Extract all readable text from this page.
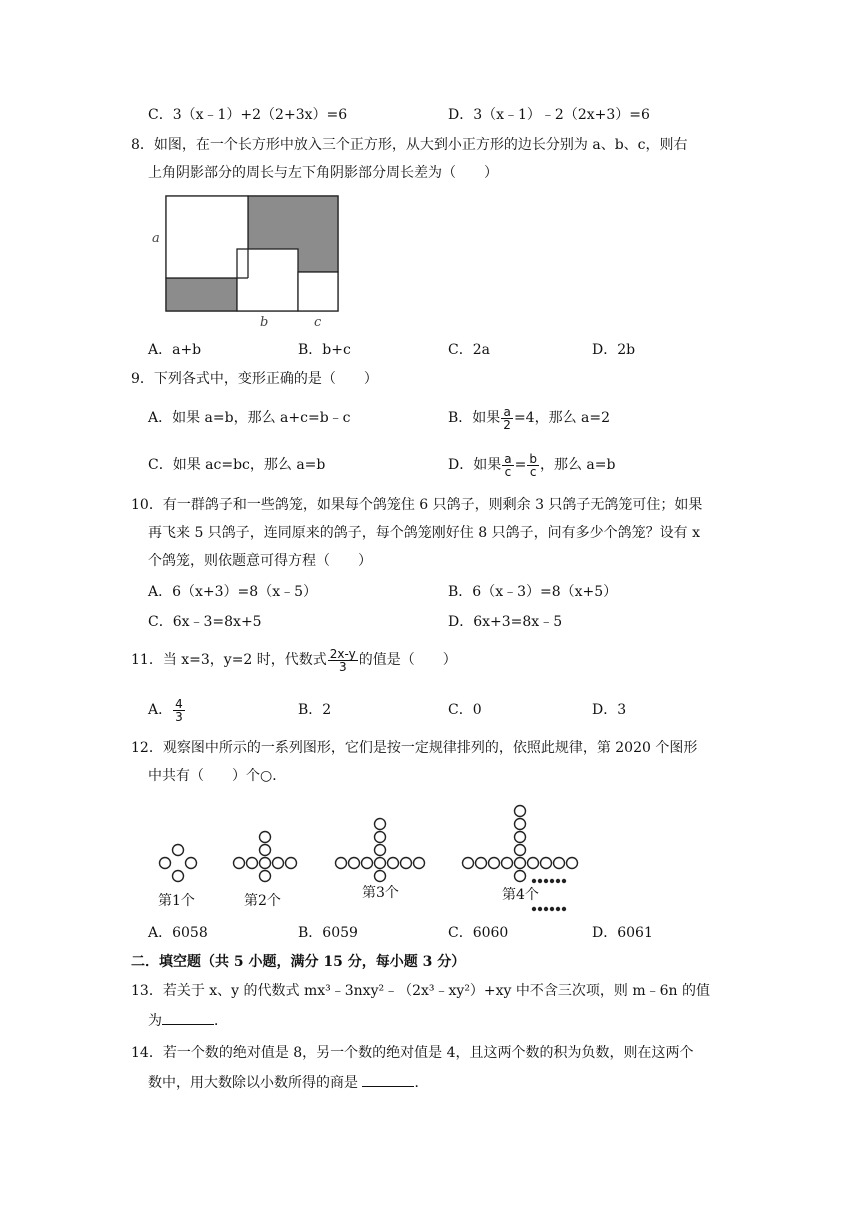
C．3（x﹣1）+2（2+3x）=6	D．3（x﹣1）﹣2（2x+3）=6
8．如图，在一个长方形中放入三个正方形，从大到小正方形的边长分别为 a、b、c，则右
上角阴影部分的周长与左下角阴影部分周长差为（　　）
a
b	c
A．a+b	B．b+c	C．2a	D．2b
9．下列各式中，变形正确的是（　　）
A．如果 a=b，那么 a+c=b﹣c	B．如果 $\frac{a}{2} =4$，那么 a=2
C．如果 ac=bc，那么 a=b	D．如果 $\frac{a}{c} = \frac{b}{c}$ ，那么 a=b
10．有一群鸽子和一些鸽笼，如果每个鸽笼住 6 只鸽子，则剩余 3 只鸽子无鸽笼可住；如果
再飞来 5 只鸽子，连同原来的鸽子，每个鸽笼刚好住 8 只鸽子，问有多少个鸽笼？设有 x
个鸽笼，则依题意可得方程（　　）
A．6（x+3）=8（x﹣5）	B．6（x﹣3）=8（x+5）
C．6x﹣3=8x+5	D．6x+3=8x﹣5
11．当 x=3，y=2 时，代数式 $\frac{2x-y}{3}$ 的值是（　　）
A． $\frac{4}{3}$	B．2	C．0	D．3
12．观察图中所示的一系列图形，它们是按一定规律排列的，依照此规律，第 2020 个图形
中共有（　　）个○．
第1个	第2个	第3个	第4个
A．6058	B．6059	C．6060	D．6061
二．填空题（共 5 小题，满分 15 分，每小题 3 分）
13．若关于 x、y 的代数式 mx³﹣3nxy²﹣（2x³﹣xy²）+xy 中不含三次项，则 m﹣6n 的值
为	．
14．若一个数的绝对值是 8，另一个数的绝对值是 4，且这两个数的积为负数，则在这两个
数中，用大数除以小数所得的商是	．
